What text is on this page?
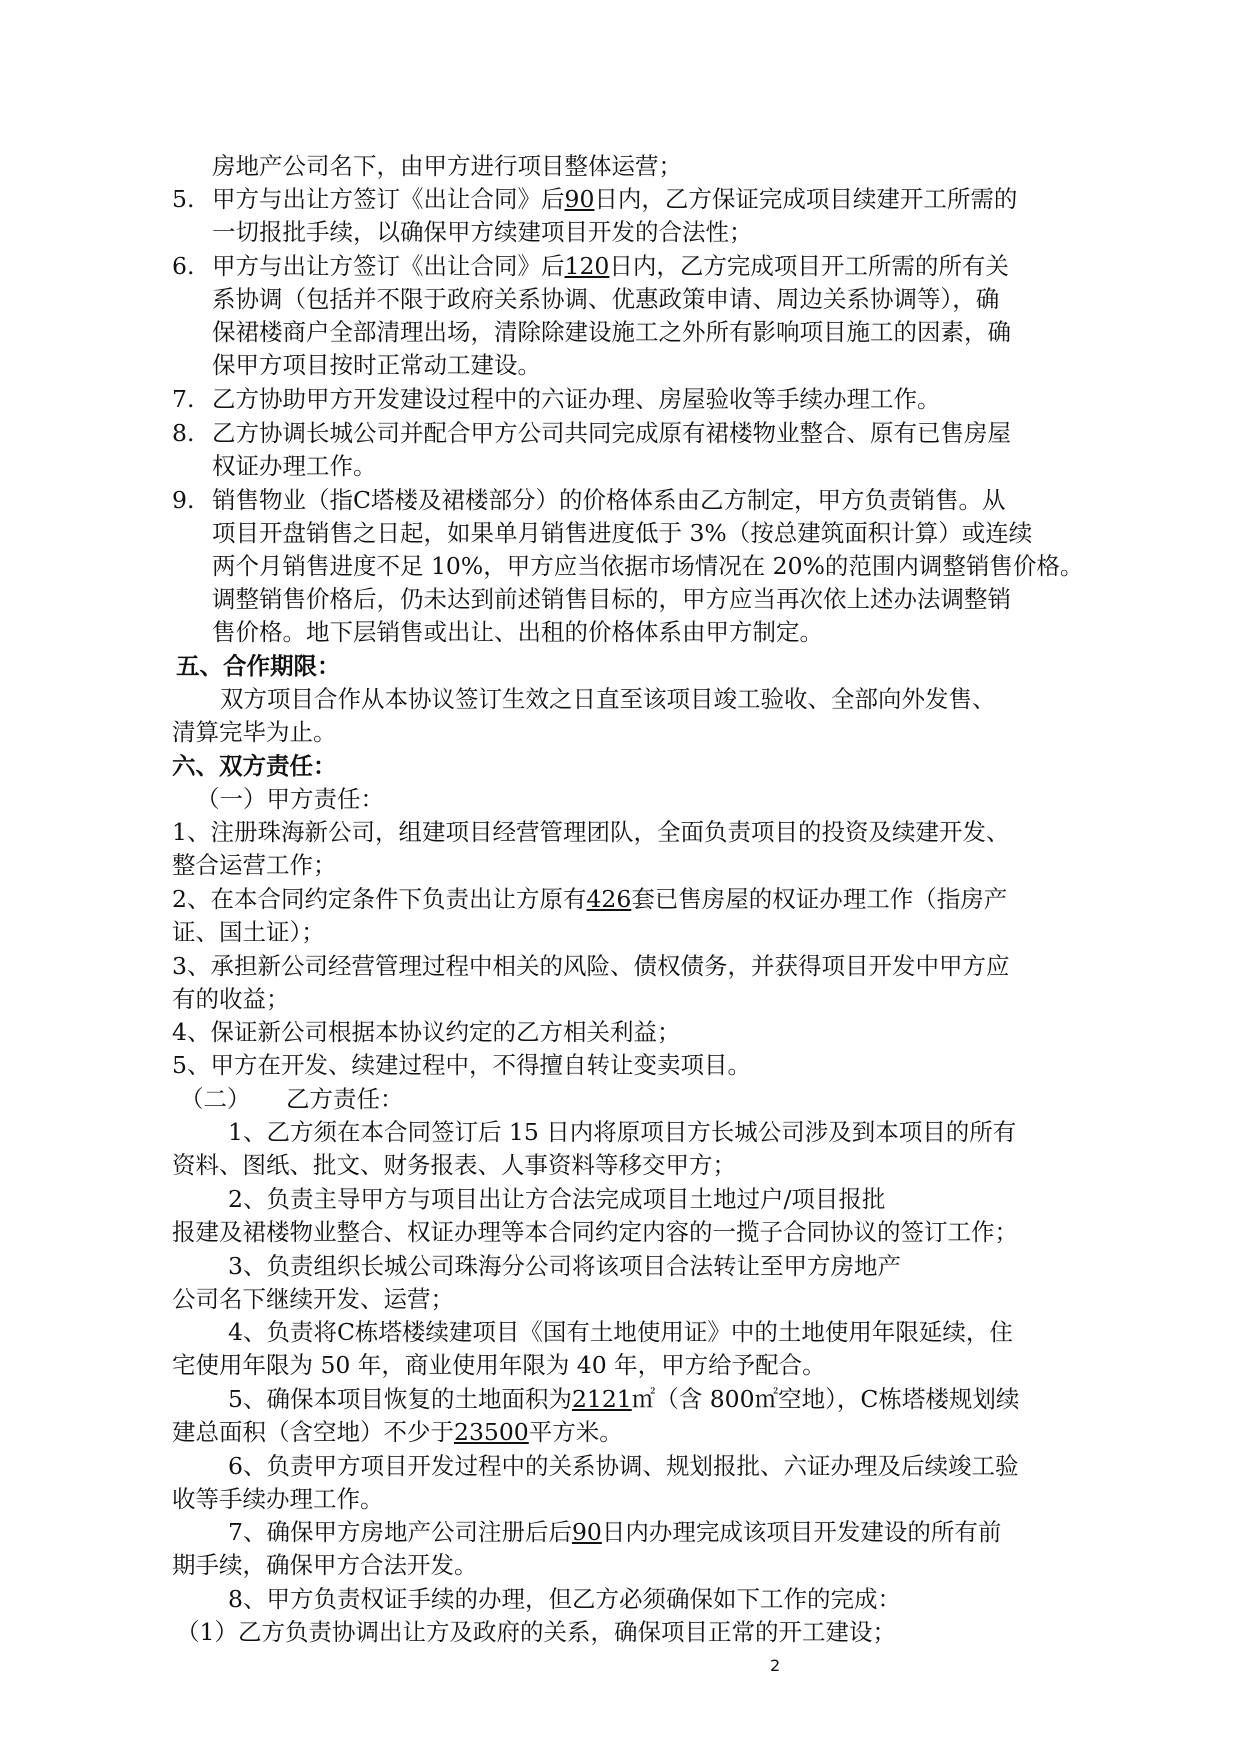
房地产公司名下，由甲方进行项目整体运营；
5. 甲方与出让方签订《出让合同》后90日内，乙方保证完成项目续建开工所需的
一切报批手续，以确保甲方续建项目开发的合法性；
6. 甲方与出让方签订《出让合同》后120日内，乙方完成项目开工所需的所有关
系协调（包括并不限于政府关系协调、优惠政策申请、周边关系协调等），确
保裙楼商户全部清理出场，清除除建设施工之外所有影响项目施工的因素，确
保甲方项目按时正常动工建设。
7. 乙方协助甲方开发建设过程中的六证办理、房屋验收等手续办理工作。
8. 乙方协调长城公司并配合甲方公司共同完成原有裙楼物业整合、原有已售房屋
权证办理工作。
9. 销售物业（指C塔楼及裙楼部分）的价格体系由乙方制定，甲方负责销售。从
项目开盘销售之日起，如果单月销售进度低于 3%（按总建筑面积计算）或连续
两个月销售进度不足 10%，甲方应当依据市场情况在 20%的范围内调整销售价格。
调整销售价格后，仍未达到前述销售目标的，甲方应当再次依上述办法调整销
售价格。地下层销售或出让、出租的价格体系由甲方制定。
五、合作期限：
双方项目合作从本协议签订生效之日直至该项目竣工验收、全部向外发售、
清算完毕为止。
六、双方责任：
（一）甲方责任：
1、注册珠海新公司，组建项目经营管理团队，全面负责项目的投资及续建开发、
整合运营工作；
2、在本合同约定条件下负责出让方原有426套已售房屋的权证办理工作（指房产
证、国土证）；
3、承担新公司经营管理过程中相关的风险、债权债务，并获得项目开发中甲方应
有的收益；
4、保证新公司根据本协议约定的乙方相关利益；
5、甲方在开发、续建过程中，不得擅自转让变卖项目。
（二） 乙方责任：
1、乙方须在本合同签订后 15 日内将原项目方长城公司涉及到本项目的所有
资料、图纸、批文、财务报表、人事资料等移交甲方；
2、负责主导甲方与项目出让方合法完成项目土地过户/项目报批
报建及裙楼物业整合、权证办理等本合同约定内容的一揽子合同协议的签订工作；
3、负责组织长城公司珠海分公司将该项目合法转让至甲方房地产
公司名下继续开发、运营；
4、负责将C栋塔楼续建项目《国有土地使用证》中的土地使用年限延续，住
宅使用年限为 50 年，商业使用年限为 40 年，甲方给予配合。
5、确保本项目恢复的土地面积为2121㎡（含 800㎡空地），C栋塔楼规划续
建总面积（含空地）不少于23500平方米。
6、负责甲方项目开发过程中的关系协调、规划报批、六证办理及后续竣工验
收等手续办理工作。
7、确保甲方房地产公司注册后后90日内办理完成该项目开发建设的所有前
期手续，确保甲方合法开发。
8、甲方负责权证手续的办理，但乙方必须确保如下工作的完成：
（1）乙方负责协调出让方及政府的关系，确保项目正常的开工建设；
2
